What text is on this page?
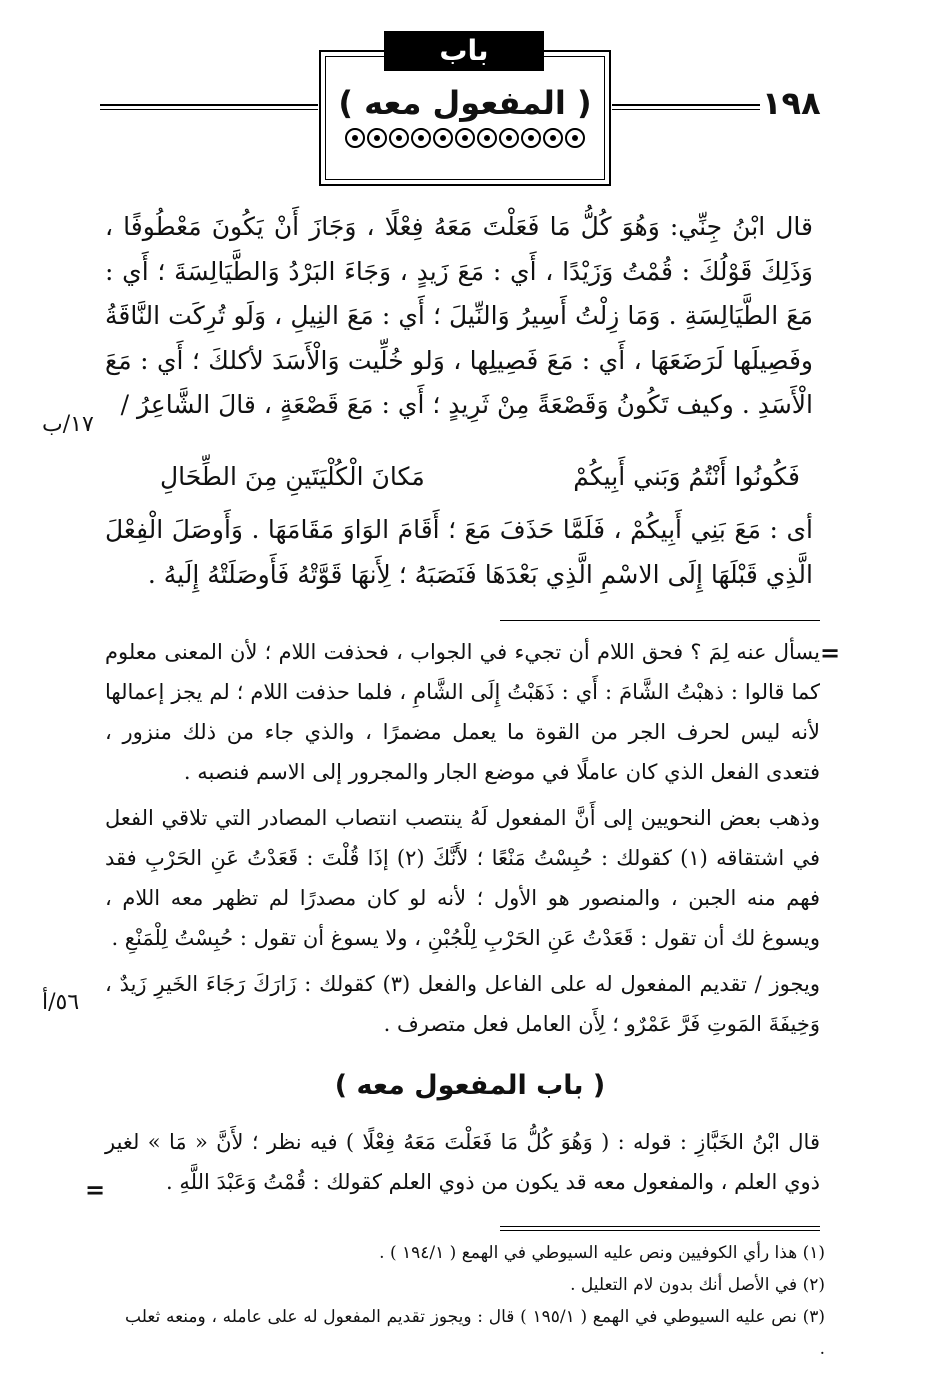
١٩٨
باب
( المفعول معه )

قال ابْنُ جِنِّي: وَهُوَ كُلُّ مَا فَعَلْتَ مَعَهُ فِعْلًا ، وَجَازَ أَنْ يَكُونَ مَعْطُوفًا ، وَذَلِكَ قَوْلُكَ : قُمْتُ وَزَيْدًا ، أَي : مَعَ زَيدٍ ، وَجَاءَ البَرْدُ وَالطَّيَالِسَةَ ؛ أَي : مَعَ الطَّيَالِسَةِ . وَمَا زِلْتُ أَسِيرُ وَالنِّيلَ ؛ أَي : مَعَ النِيلِ ، وَلَو تُرِكَت النَّاقَةُ وفَصِيلَها لَرَضَعَهَا ، أَي : مَعَ فَصِيلِها ، وَلو خُلِّيت وَالْأَسَدَ لأكلكَ ؛ أَي : مَعَ الْأَسَدِ . وكيف تَكُونُ وَقَصْعَةً مِنْ ثَرِيدٍ ؛ أَي : مَعَ قَصْعَةٍ ، قالَ الشَّاعِرُ /

١٧/ب
فَكُونُوا أَنْتُمُ وَبَني أَبِيكُمْ
مَكانَ الْكُلْيَتَينِ مِنَ الطِّحَالِ

أى : مَعَ بَنِي أَبِيكُمْ ، فَلَمَّا حَذَفَ مَعَ ؛ أَقَامَ الوَاوَ مَقَامَهَا . وَأَوصَلَ الْفِعْلَ الَّذِي قَبْلَهَا إِلَى الاسْمِ الَّذِي بَعْدَهَا فَنَصَبَهُ ؛ لِأَنهَا قَوَّتْهُ فَأَوصَلَتْهُ إِلَيهُ .

=

يسأل عنه لِمَ ؟ فحق اللام أن تجيء في الجواب ، فحذفت اللام ؛ لأن المعنى معلوم كما قالوا : ذهبْتُ الشَّامَ : أَي : ذَهَبْتُ إِلَى الشَّامِ ، فلما حذفت اللام ؛ لم يجز إعمالها لأنه ليس لحرف الجر من القوة ما يعمل مضمرًا ، والذي جاء من ذلك منزور ، فتعدى الفعل الذي كان عاملًا في موضع الجار والمجرور إلى الاسم فنصبه .

وذهب بعض النحويين إلى أَنَّ المفعول لَهُ ينتصب انتصاب المصادر التي تلاقي الفعل في اشتقاقه (١) كقولك : حُبِسْتُ مَنْعًا ؛ لأَنَّكَ (٢) إذَا قُلْتَ : قَعَدْتُ عَنِ الحَرْبِ فقد فهم منه الجبن ، والمنصور هو الأول ؛ لأنه لو كان مصدرًا لم تظهر معه اللام ، ويسوغ لك أن تقول : قَعَدْتُ عَنِ الحَرْبِ لِلْجُبْنِ ، ولا يسوغ أن تقول : حُبِسْتُ لِلْمَنْعِ .

ويجوز / تقديم المفعول له على الفاعل والفعل (٣) كقولك : زَارَكَ رَجَاءَ الخَيرِ زَيدٌ ، وَخِيفَةَ المَوتِ فَرَّ عَمْرٌو ؛ لِأَن العامل فعل متصرف .

٥٦/أ
( باب المفعول معه )

قال ابْنُ الخَبَّازِ : قوله : ( وَهُوَ كُلُّ مَا فَعَلْتَ مَعَهُ فِعْلًا ) فيه نظر ؛ لأَنَّ « مَا » لغير ذوي العلم ، والمفعول معه قد يكون من ذوي العلم كقولك : قُمْتُ وَعَبْدَ اللَّهِ .

=

(١) هذا رأي الكوفيين ونص عليه السيوطي في الهمع ( ١٩٤/١ ) .

(٢) في الأصل أنك بدون لام التعليل .

(٣) نص عليه السيوطي في الهمع ( ١٩٥/١ ) قال : ويجوز تقديم المفعول له على عامله ، ومنعه ثعلب .
